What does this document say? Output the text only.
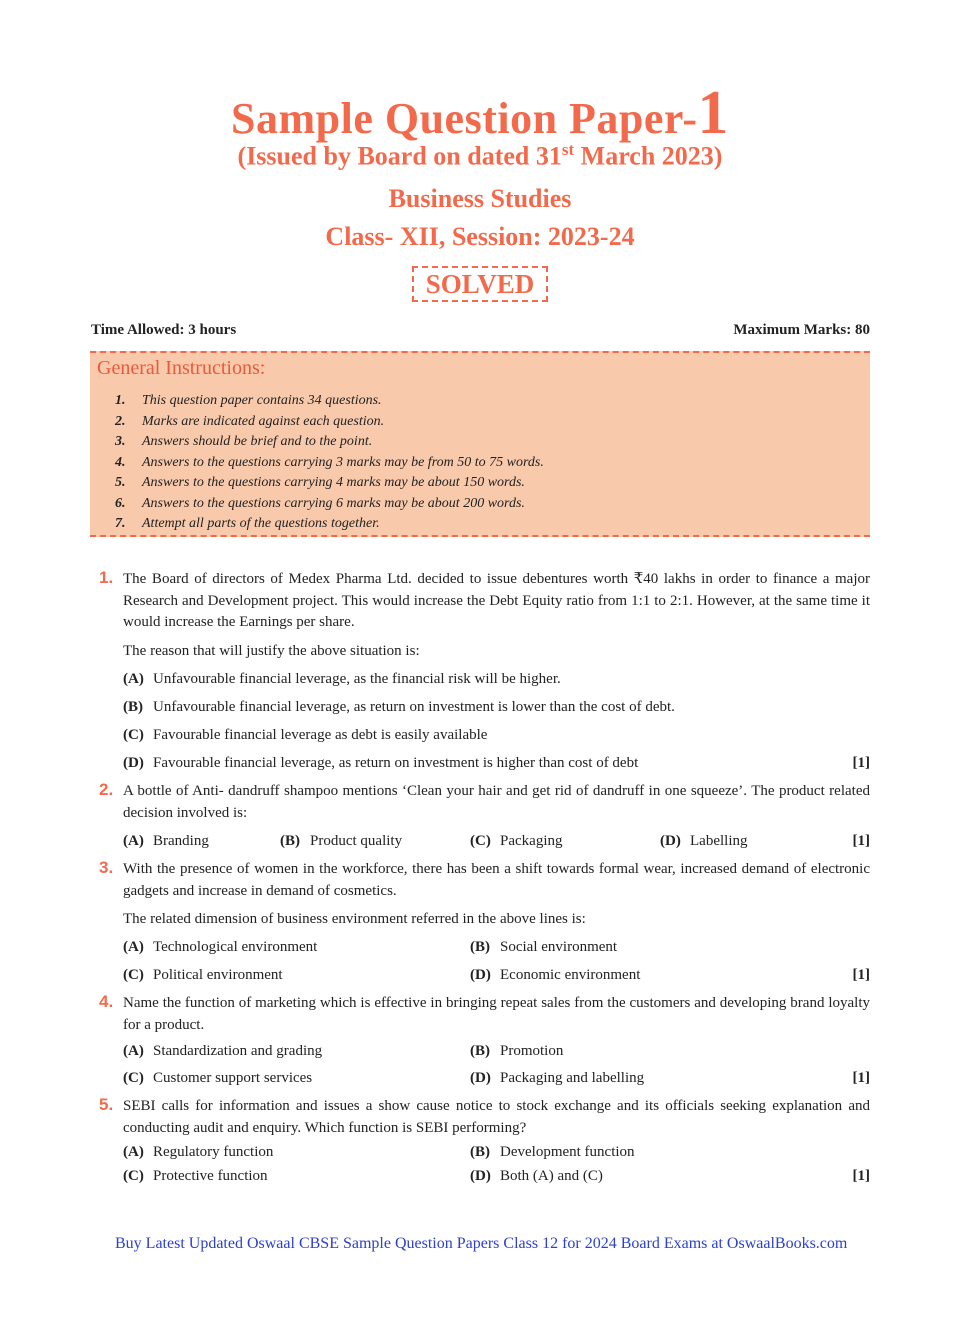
Sample Question Paper-1
(Issued by Board on dated 31st March 2023)
Business Studies
Class- XII, Session: 2023-24
SOLVED
Time Allowed: 3 hours	Maximum Marks: 80
General Instructions:
1. This question paper contains 34 questions.
2. Marks are indicated against each question.
3. Answers should be brief and to the point.
4. Answers to the questions carrying 3 marks may be from 50 to 75 words.
5. Answers to the questions carrying 4 marks may be about 150 words.
6. Answers to the questions carrying 6 marks may be about 200 words.
7. Attempt all parts of the questions together.
1. The Board of directors of Medex Pharma Ltd. decided to issue debentures worth ₹40 lakhs in order to finance a major Research and Development project. This would increase the Debt Equity ratio from 1:1 to 2:1. However, at the same time it would increase the Earnings per share.
The reason that will justify the above situation is:
(A) Unfavourable financial leverage, as the financial risk will be higher.
(B) Unfavourable financial leverage, as return on investment is lower than the cost of debt.
(C) Favourable financial leverage as debt is easily available
(D) Favourable financial leverage, as return on investment is higher than cost of debt	[1]
2. A bottle of Anti- dandruff shampoo mentions ‘Clean your hair and get rid of dandruff in one squeeze’. The product related decision involved is:
(A) Branding	(B) Product quality	(C) Packaging	(D) Labelling	[1]
3. With the presence of women in the workforce, there has been a shift towards formal wear, increased demand of electronic gadgets and increase in demand of cosmetics.
The related dimension of business environment referred in the above lines is:
(A) Technological environment	(B) Social environment
(C) Political environment	(D) Economic environment	[1]
4. Name the function of marketing which is effective in bringing repeat sales from the customers and developing brand loyalty for a product.
(A) Standardization and grading	(B) Promotion
(C) Customer support services	(D) Packaging and labelling	[1]
5. SEBI calls for information and issues a show cause notice to stock exchange and its officials seeking explanation and conducting audit and enquiry. Which function is SEBI performing?
(A) Regulatory function	(B) Development function
(C) Protective function	(D) Both (A) and (C)	[1]
Buy Latest Updated Oswaal CBSE Sample Question Papers Class 12 for 2024 Board Exams at OswaalBooks.com
